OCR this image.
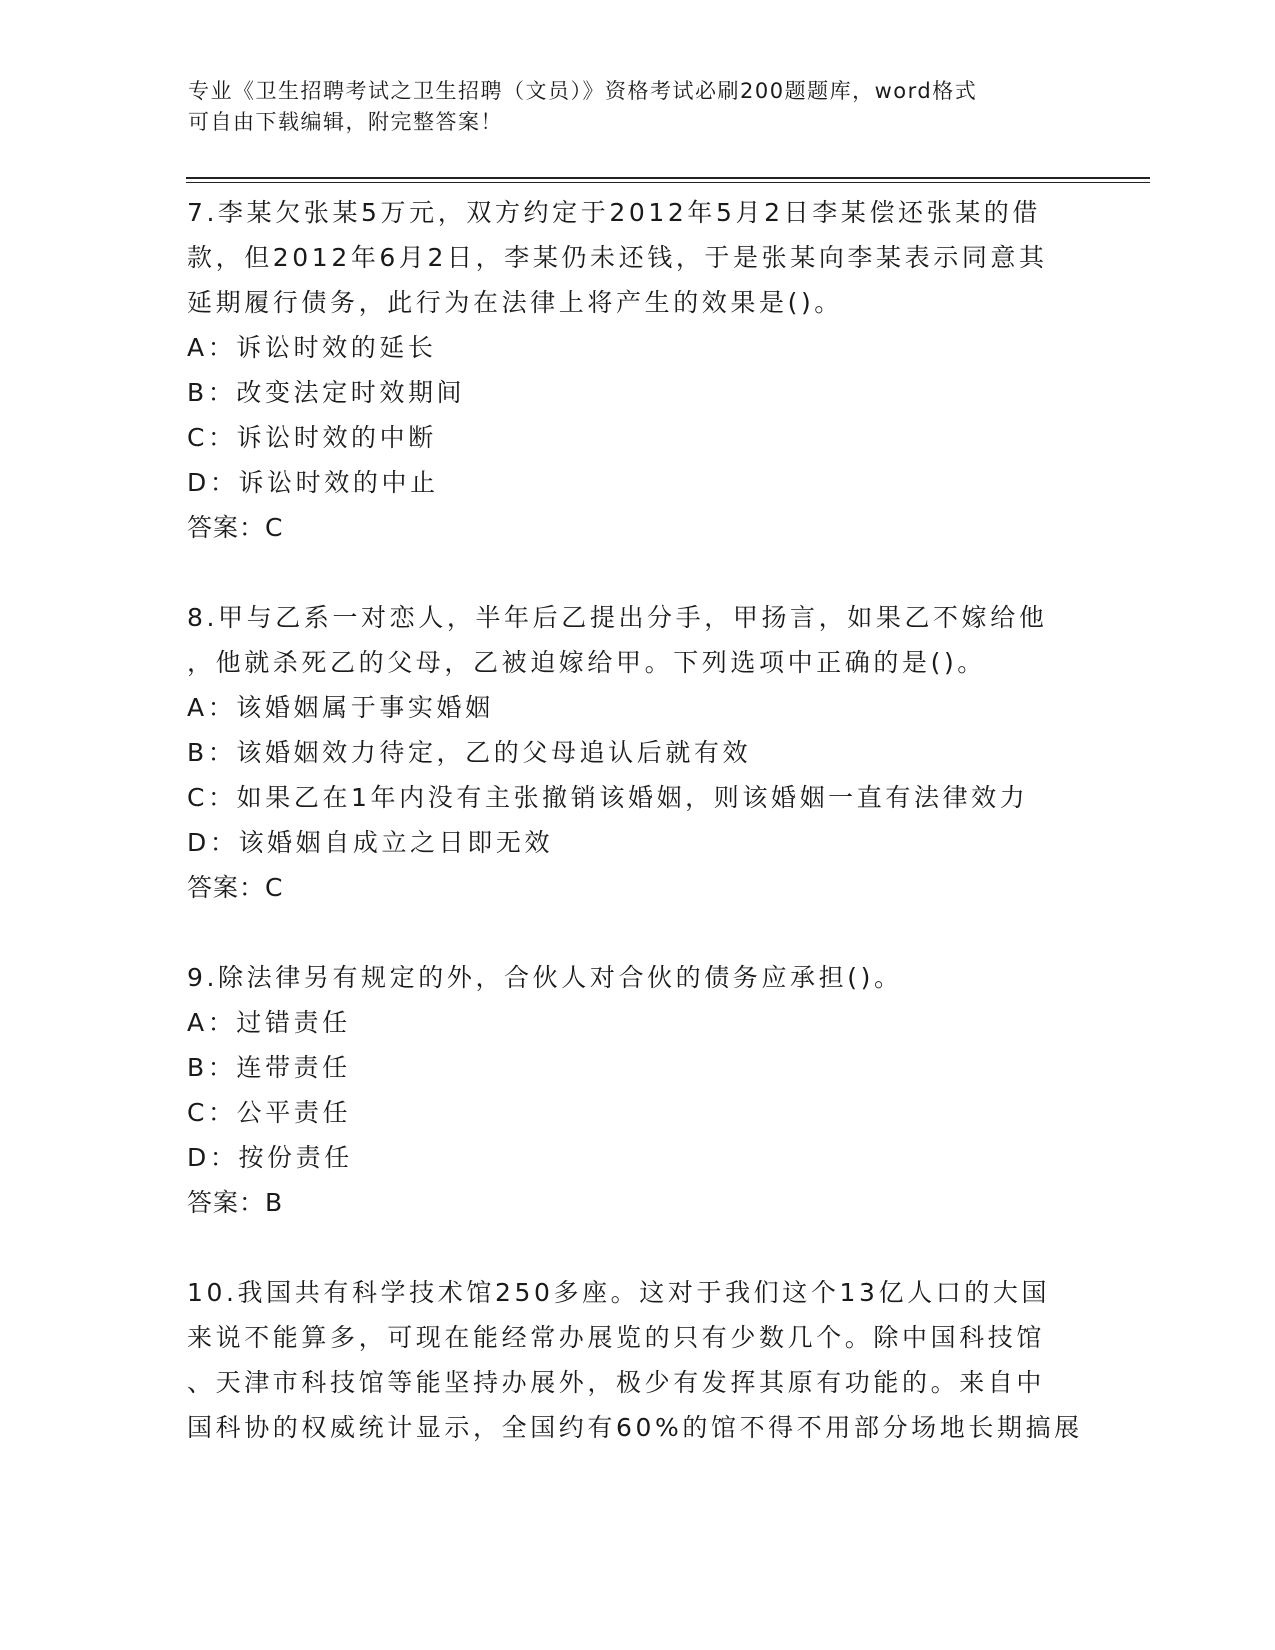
专业《卫生招聘考试之卫生招聘（文员）》资格考试必刷200题题库，word格式
可自由下载编辑，附完整答案！

7.李某欠张某5万元，双方约定于2012年5月2日李某偿还张某的借

款，但2012年6月2日，李某仍未还钱，于是张某向李某表示同意其

延期履行债务，此行为在法律上将产生的效果是()。

A：诉讼时效的延长

B：改变法定时效期间

C：诉讼时效的中断

D：诉讼时效的中止

答案：C

8.甲与乙系一对恋人，半年后乙提出分手，甲扬言，如果乙不嫁给他

，他就杀死乙的父母，乙被迫嫁给甲。下列选项中正确的是()。

A：该婚姻属于事实婚姻

B：该婚姻效力待定，乙的父母追认后就有效

C：如果乙在1年内没有主张撤销该婚姻，则该婚姻一直有法律效力

D：该婚姻自成立之日即无效

答案：C

9.除法律另有规定的外，合伙人对合伙的债务应承担()。

A：过错责任

B：连带责任

C：公平责任

D：按份责任

答案：B

10.我国共有科学技术馆250多座。这对于我们这个13亿人口的大国

来说不能算多，可现在能经常办展览的只有少数几个。除中国科技馆

、天津市科技馆等能坚持办展外，极少有发挥其原有功能的。来自中

国科协的权威统计显示，全国约有60%的馆不得不用部分场地长期搞展
